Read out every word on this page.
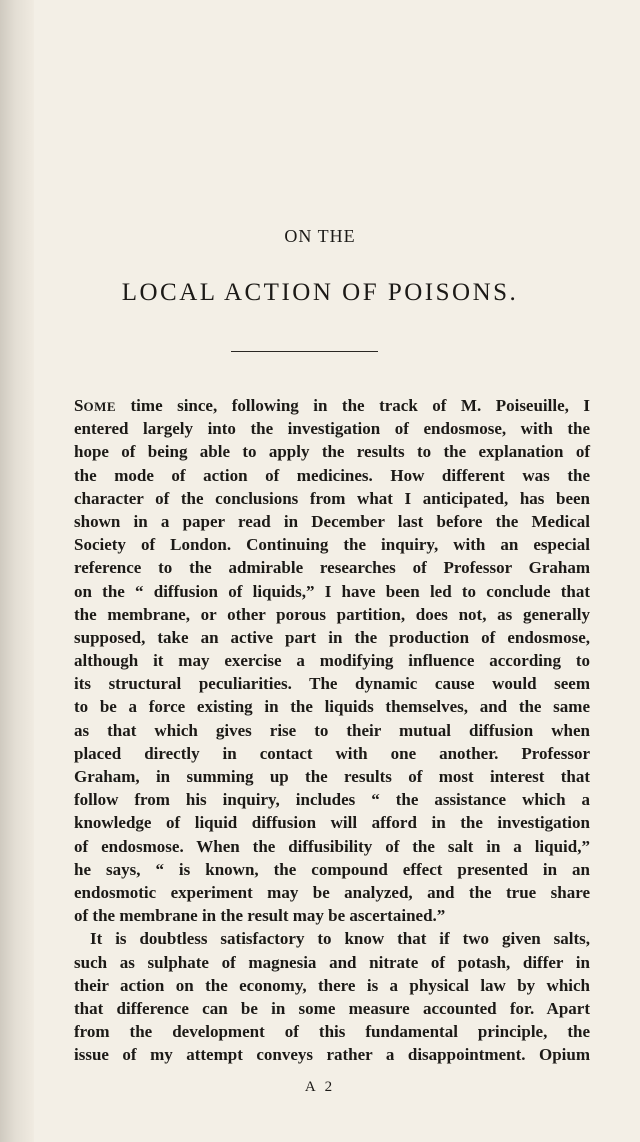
ON THE
LOCAL ACTION OF POISONS.
SOME time since, following in the track of M. Poiseuille, I
entered largely into the investigation of endosmose, with the
hope of being able to apply the results to the explanation of
the mode of action of medicines. How different was the
character of the conclusions from what I anticipated, has been
shown in a paper read in December last before the Medical
Society of London. Continuing the inquiry, with an especial
reference to the admirable researches of Professor Graham
on the “ diffusion of liquids,” I have been led to conclude that
the membrane, or other porous partition, does not, as generally
supposed, take an active part in the production of endosmose,
although it may exercise a modifying influence according to
its structural peculiarities. The dynamic cause would seem
to be a force existing in the liquids themselves, and the same
as that which gives rise to their mutual diffusion when
placed directly in contact with one another. Professor
Graham, in summing up the results of most interest that
follow from his inquiry, includes “ the assistance which a
knowledge of liquid diffusion will afford in the investigation
of endosmose. When the diffusibility of the salt in a liquid,”
he says, “ is known, the compound effect presented in an
endosmotic experiment may be analyzed, and the true share
of the membrane in the result may be ascertained.”
It is doubtless satisfactory to know that if two given salts,
such as sulphate of magnesia and nitrate of potash, differ in
their action on the economy, there is a physical law by which
that difference can be in some measure accounted for. Apart
from the development of this fundamental principle, the
issue of my attempt conveys rather a disappointment. Opium
A 2
